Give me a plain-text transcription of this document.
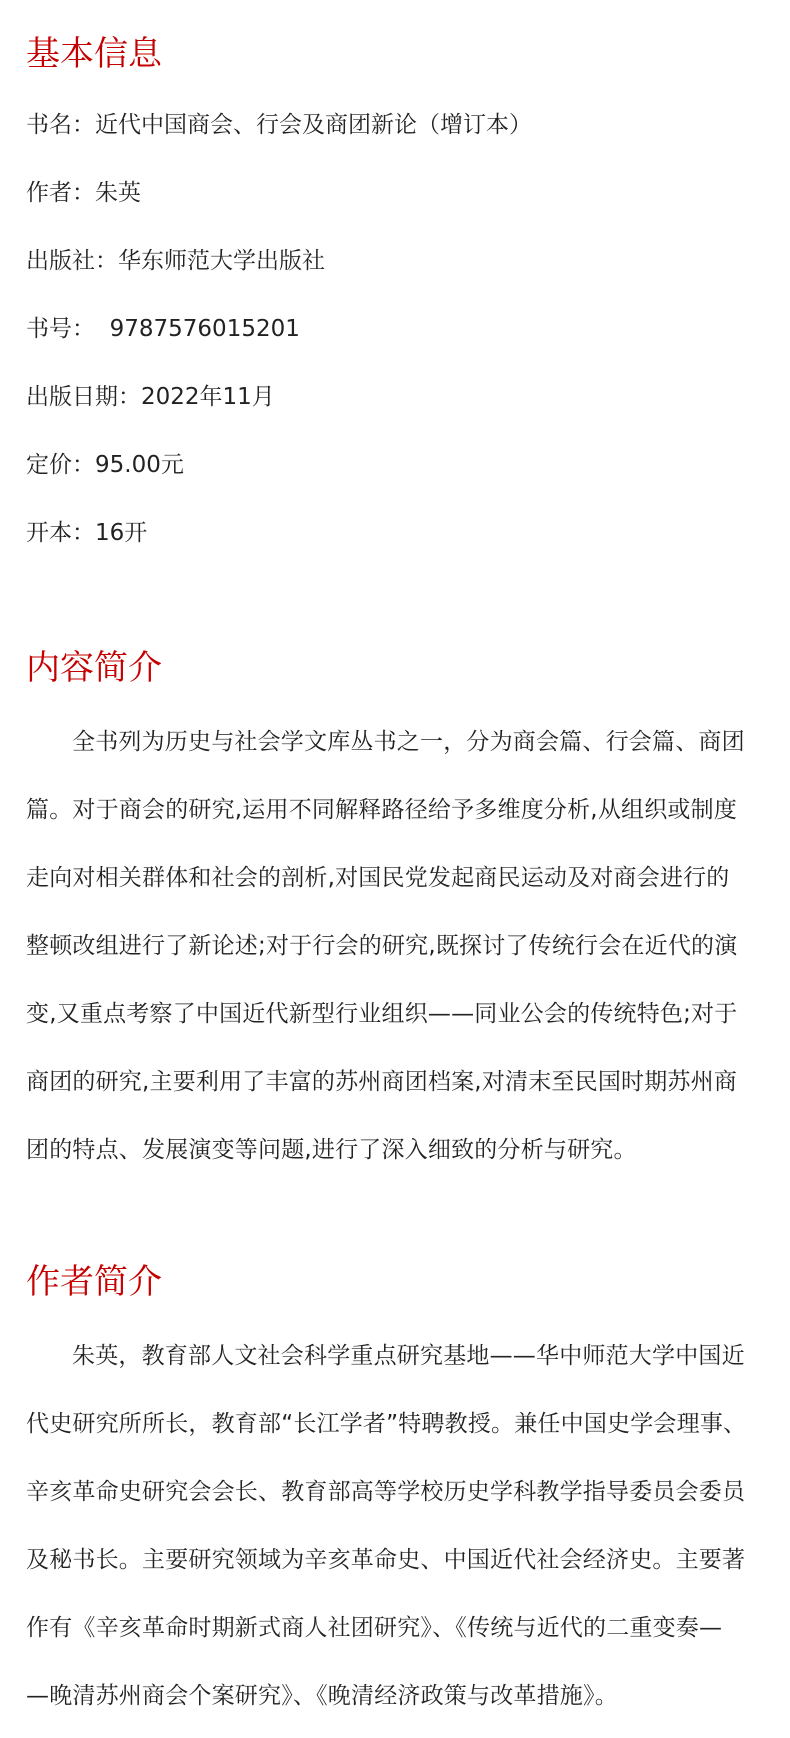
基本信息
书名：近代中国商会、行会及商团新论（增订本）
作者：朱英
出版社：华东师范大学出版社
书号：  9787576015201
出版日期：2022年11月
定价：95.00元
开本：16开
内容简介

全书列为历史与社会学文库丛书之一，分为商会篇、行会篇、商团
篇。对于商会的研究,运用不同解释路径给予多维度分析,从组织或制度
走向对相关群体和社会的剖析,对国民党发起商民运动及对商会进行的
整顿改组进行了新论述;对于行会的研究,既探讨了传统行会在近代的演
变,又重点考察了中国近代新型行业组织——同业公会的传统特色;对于
商团的研究,主要利用了丰富的苏州商团档案,对清末至民国时期苏州商
团的特点、发展演变等问题,进行了深入细致的分析与研究。

作者简介

朱英，教育部人文社会科学重点研究基地——华中师范大学中国近
代史研究所所长，教育部“长江学者”特聘教授。兼任中国史学会理事、
辛亥革命史研究会会长、教育部高等学校历史学科教学指导委员会委员
及秘书长。主要研究领域为辛亥革命史、中国近代社会经济史。主要著
作有《辛亥革命时期新式商人社团研究》、《传统与近代的二重变奏—
—晚清苏州商会个案研究》、《晚清经济政策与改革措施》。
